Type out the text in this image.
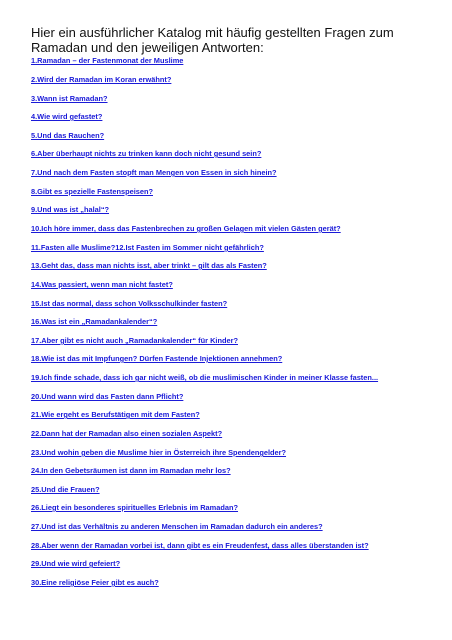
Hier ein ausführlicher Katalog mit häufig gestellten Fragen zum Ramadan und den jeweiligen Antworten:
1.Ramadan – der Fastenmonat der Muslime
2.Wird der Ramadan im Koran erwähnt?
3.Wann ist Ramadan?
4.Wie wird gefastet?
5.Und das Rauchen?
6.Aber überhaupt nichts zu trinken kann doch nicht gesund sein?
7.Und nach dem Fasten stopft man Mengen von Essen in sich hinein?
8.Gibt es spezielle Fastenspeisen?
9.Und was ist „halal“?
10.Ich höre immer, dass das Fastenbrechen zu großen Gelagen mit vielen Gästen gerät?
11.Fasten alle Muslime?12.Ist Fasten im Sommer nicht gefährlich?
13.Geht das, dass man nichts isst, aber trinkt – gilt das als Fasten?
14.Was passiert, wenn man nicht fastet?
15.Ist das normal, dass schon Volksschulkinder fasten?
16.Was ist ein „Ramadankalender“?
17.Aber gibt es nicht auch „Ramadankalender“ für Kinder?
18.Wie ist das mit Impfungen? Dürfen Fastende Injektionen annehmen?
19.Ich finde schade, dass ich gar nicht weiß, ob die muslimischen Kinder in meiner Klasse fasten...
20.Und wann wird das Fasten dann Pflicht?
21.Wie ergeht es Berufstätigen mit dem Fasten?
22.Dann hat der Ramadan also einen sozialen Aspekt?
23.Und wohin geben die Muslime hier in Österreich ihre Spendengelder?
24.In den Gebetsräumen ist dann im Ramadan mehr los?
25.Und die Frauen?
26.Liegt ein besonderes spirituelles Erlebnis im Ramadan?
27.Und ist das Verhältnis zu anderen Menschen im Ramadan dadurch ein anderes?
28.Aber wenn der Ramadan vorbei ist, dann gibt es ein Freudenfest, dass alles überstanden ist?
29.Und wie wird gefeiert?
30.Eine religiöse Feier gibt es auch?
